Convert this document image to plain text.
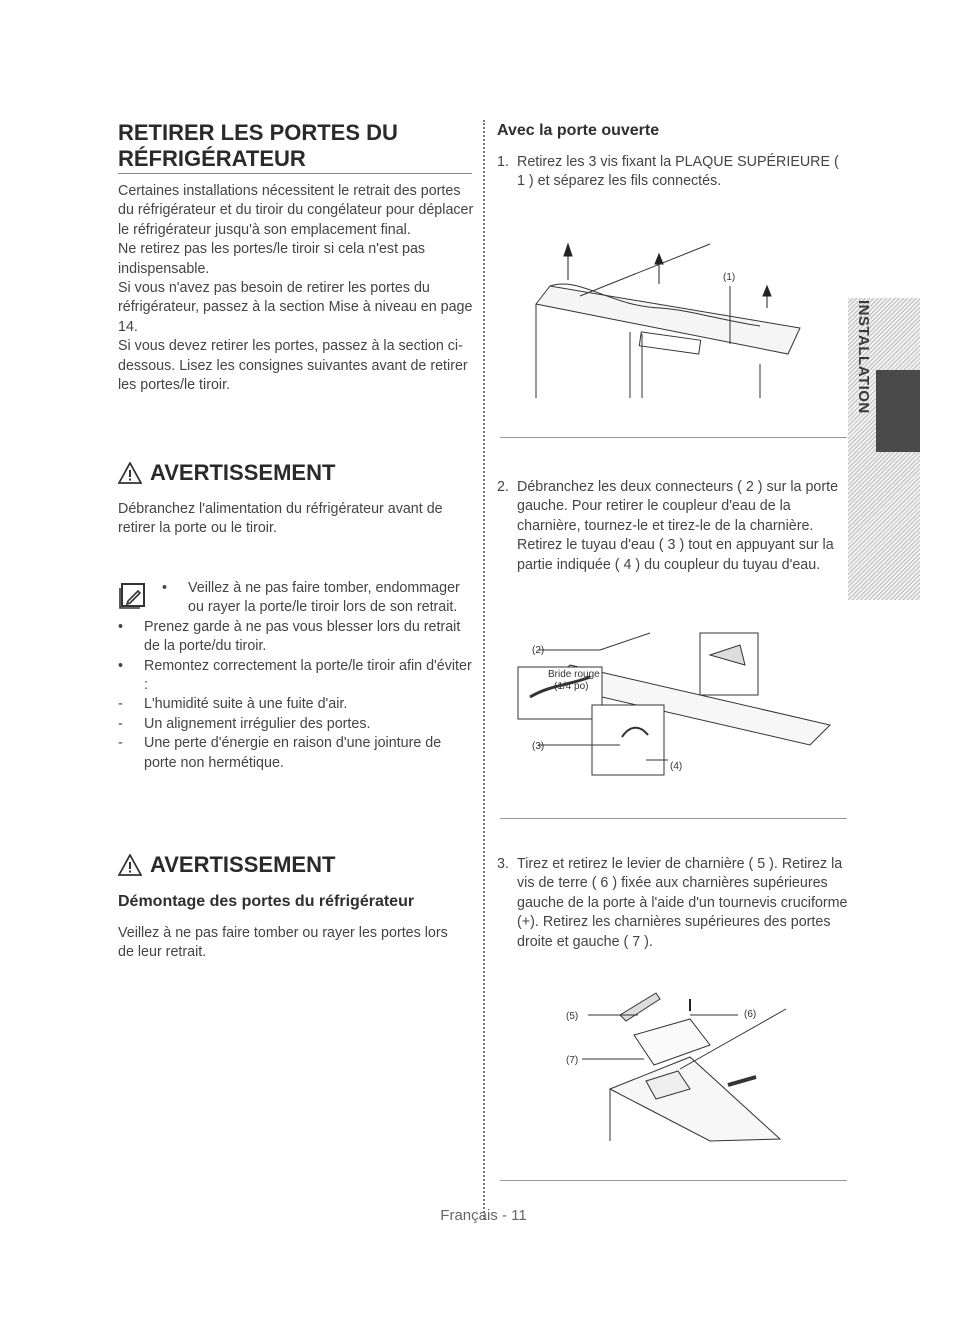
RETIRER LES PORTES DU
RÉFRIGÉRATEUR

Certaines installations nécessitent le retrait des portes du réfrigérateur et du tiroir du congélateur pour déplacer le réfrigérateur jusqu'à son emplacement final.

Ne retirez pas les portes/le tiroir si cela n'est pas indispensable.

Si vous n'avez pas besoin de retirer les portes du réfrigérateur, passez à la section Mise à niveau en page 14.

Si vous devez retirer les portes, passez à la section ci-dessous. Lisez les consignes suivantes avant de retirer les portes/le tiroir.

AVERTISSEMENT
Débranchez l'alimentation du réfrigérateur avant de retirer la porte ou le tiroir.
•	Veillez à ne pas faire tomber, endommager ou rayer la porte/le tiroir lors de son retrait.
•	Prenez garde à ne pas vous blesser lors du retrait de la porte/du tiroir.
•	Remontez correctement la porte/le tiroir afin d'éviter :
-	L'humidité suite à une fuite d'air.
-	Un alignement irrégulier des portes.
-	Une perte d'énergie en raison d'une jointure de porte non hermétique.
AVERTISSEMENT
Démontage des portes du réfrigérateur
Veillez à ne pas faire tomber ou rayer les portes lors de leur retrait.
Avec la porte ouverte
1. Retirez les 3 vis fixant la PLAQUE SUPÉRIEURE ( 1 ) et séparez les fils connectés.
(1)
2. Débranchez les deux connecteurs ( 2 ) sur la porte gauche. Pour retirer le coupleur d'eau de la charnière, tournez-le et tirez-le de la charnière. Retirez le tuyau d'eau ( 3 ) tout en appuyant sur la partie indiquée ( 4 ) du coupleur du tuyau d'eau.
(2)
Bride rouge
(1/4 po)
(3)
(4)
3. Tirez et retirez le levier de charnière ( 5 ). Retirez la vis de terre ( 6 ) fixée aux charnières supérieures gauche de la porte à l'aide d'un tournevis cruciforme (+). Retirez les charnières supérieures des portes droite et gauche ( 7 ).
(5)	(6)
(7)
INSTALLATION
Français - 11
